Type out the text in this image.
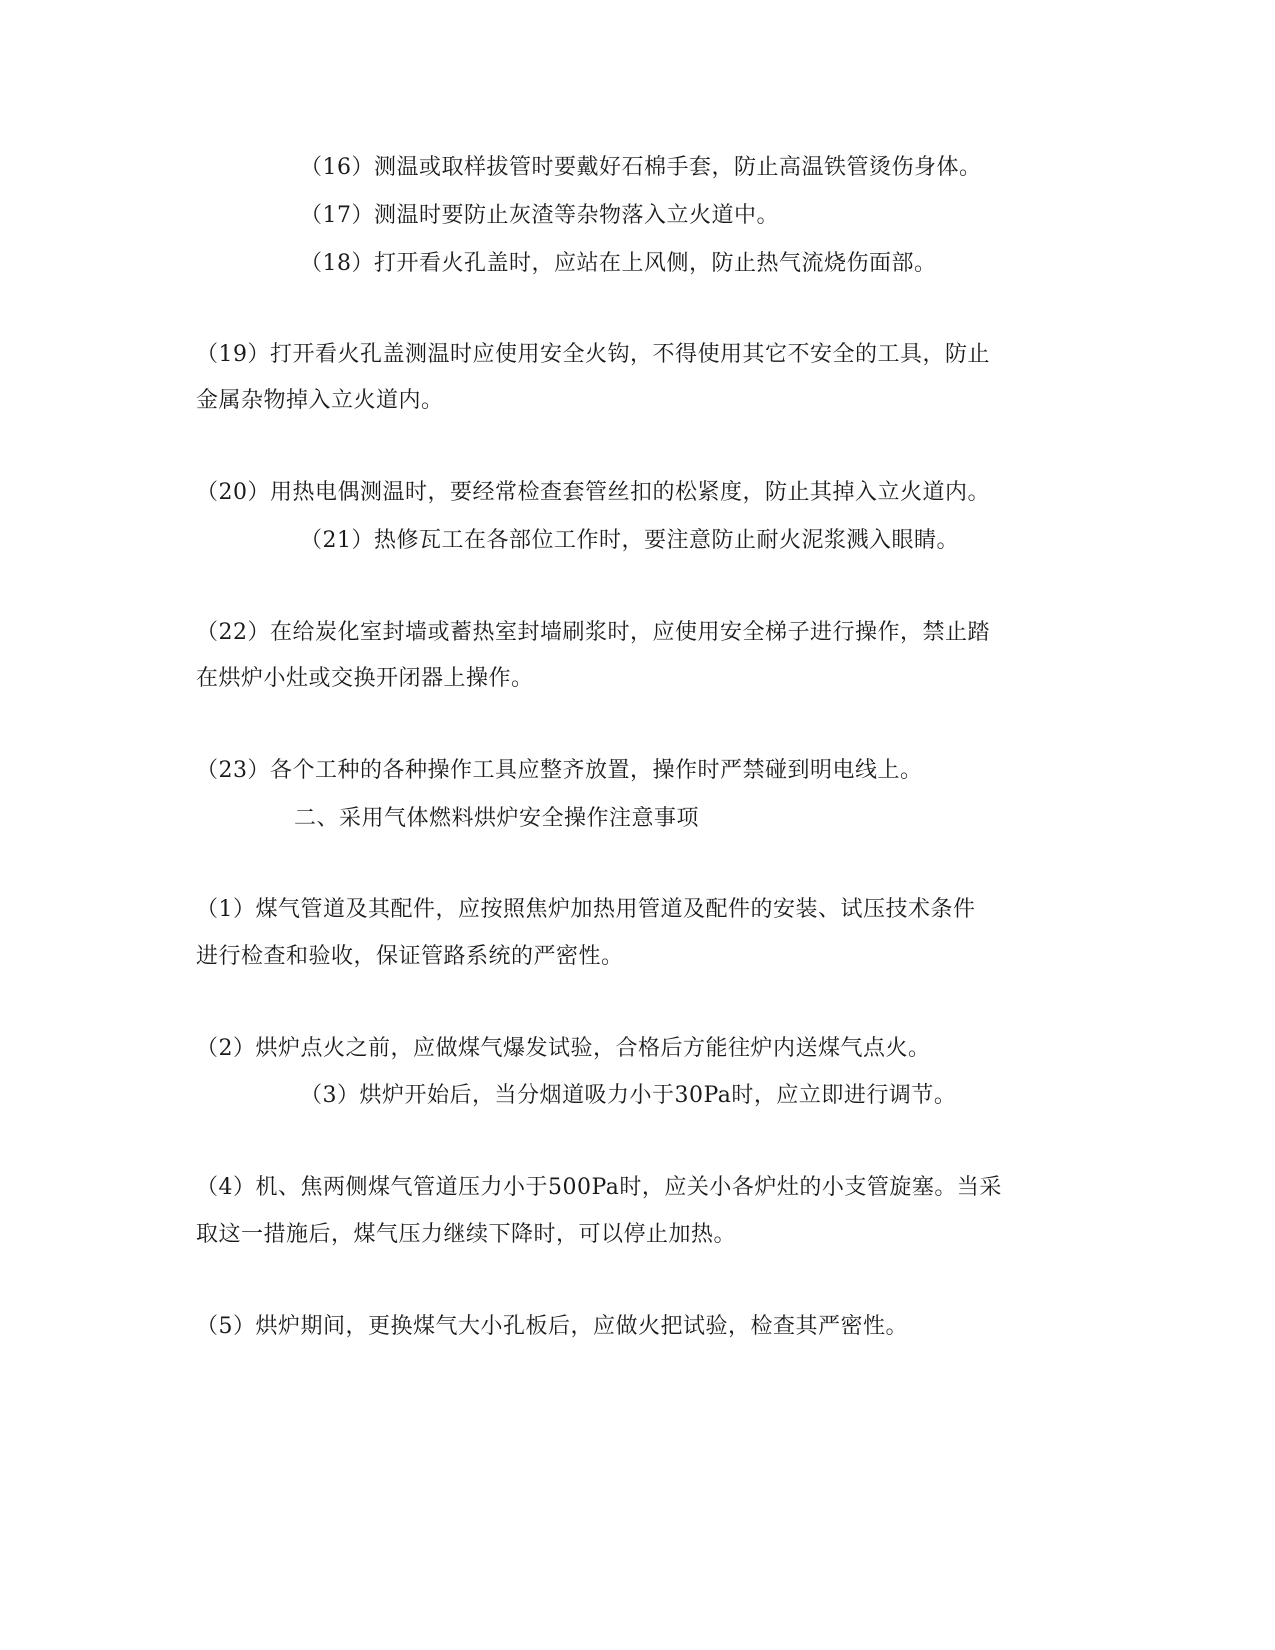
（16）测温或取样拔管时要戴好石棉手套，防止高温铁管烫伤身体。
（17）测温时要防止灰渣等杂物落入立火道中。
（18）打开看火孔盖时，应站在上风侧，防止热气流烧伤面部。
（19）打开看火孔盖测温时应使用安全火钩，不得使用其它不安全的工具，防止
金属杂物掉入立火道内。
（20）用热电偶测温时，要经常检查套管丝扣的松紧度，防止其掉入立火道内。
（21）热修瓦工在各部位工作时，要注意防止耐火泥浆溅入眼睛。
（22）在给炭化室封墙或蓄热室封墙刷浆时，应使用安全梯子进行操作，禁止踏
在烘炉小灶或交换开闭器上操作。
（23）各个工种的各种操作工具应整齐放置，操作时严禁碰到明电线上。
二、采用气体燃料烘炉安全操作注意事项
（1）煤气管道及其配件，应按照焦炉加热用管道及配件的安装、试压技术条件
进行检查和验收，保证管路系统的严密性。
（2）烘炉点火之前，应做煤气爆发试验，合格后方能往炉内送煤气点火。
（3）烘炉开始后，当分烟道吸力小于30Pa时，应立即进行调节。
（4）机、焦两侧煤气管道压力小于500Pa时，应关小各炉灶的小支管旋塞。当采
取这一措施后，煤气压力继续下降时，可以停止加热。
（5）烘炉期间，更换煤气大小孔板后，应做火把试验，检查其严密性。
